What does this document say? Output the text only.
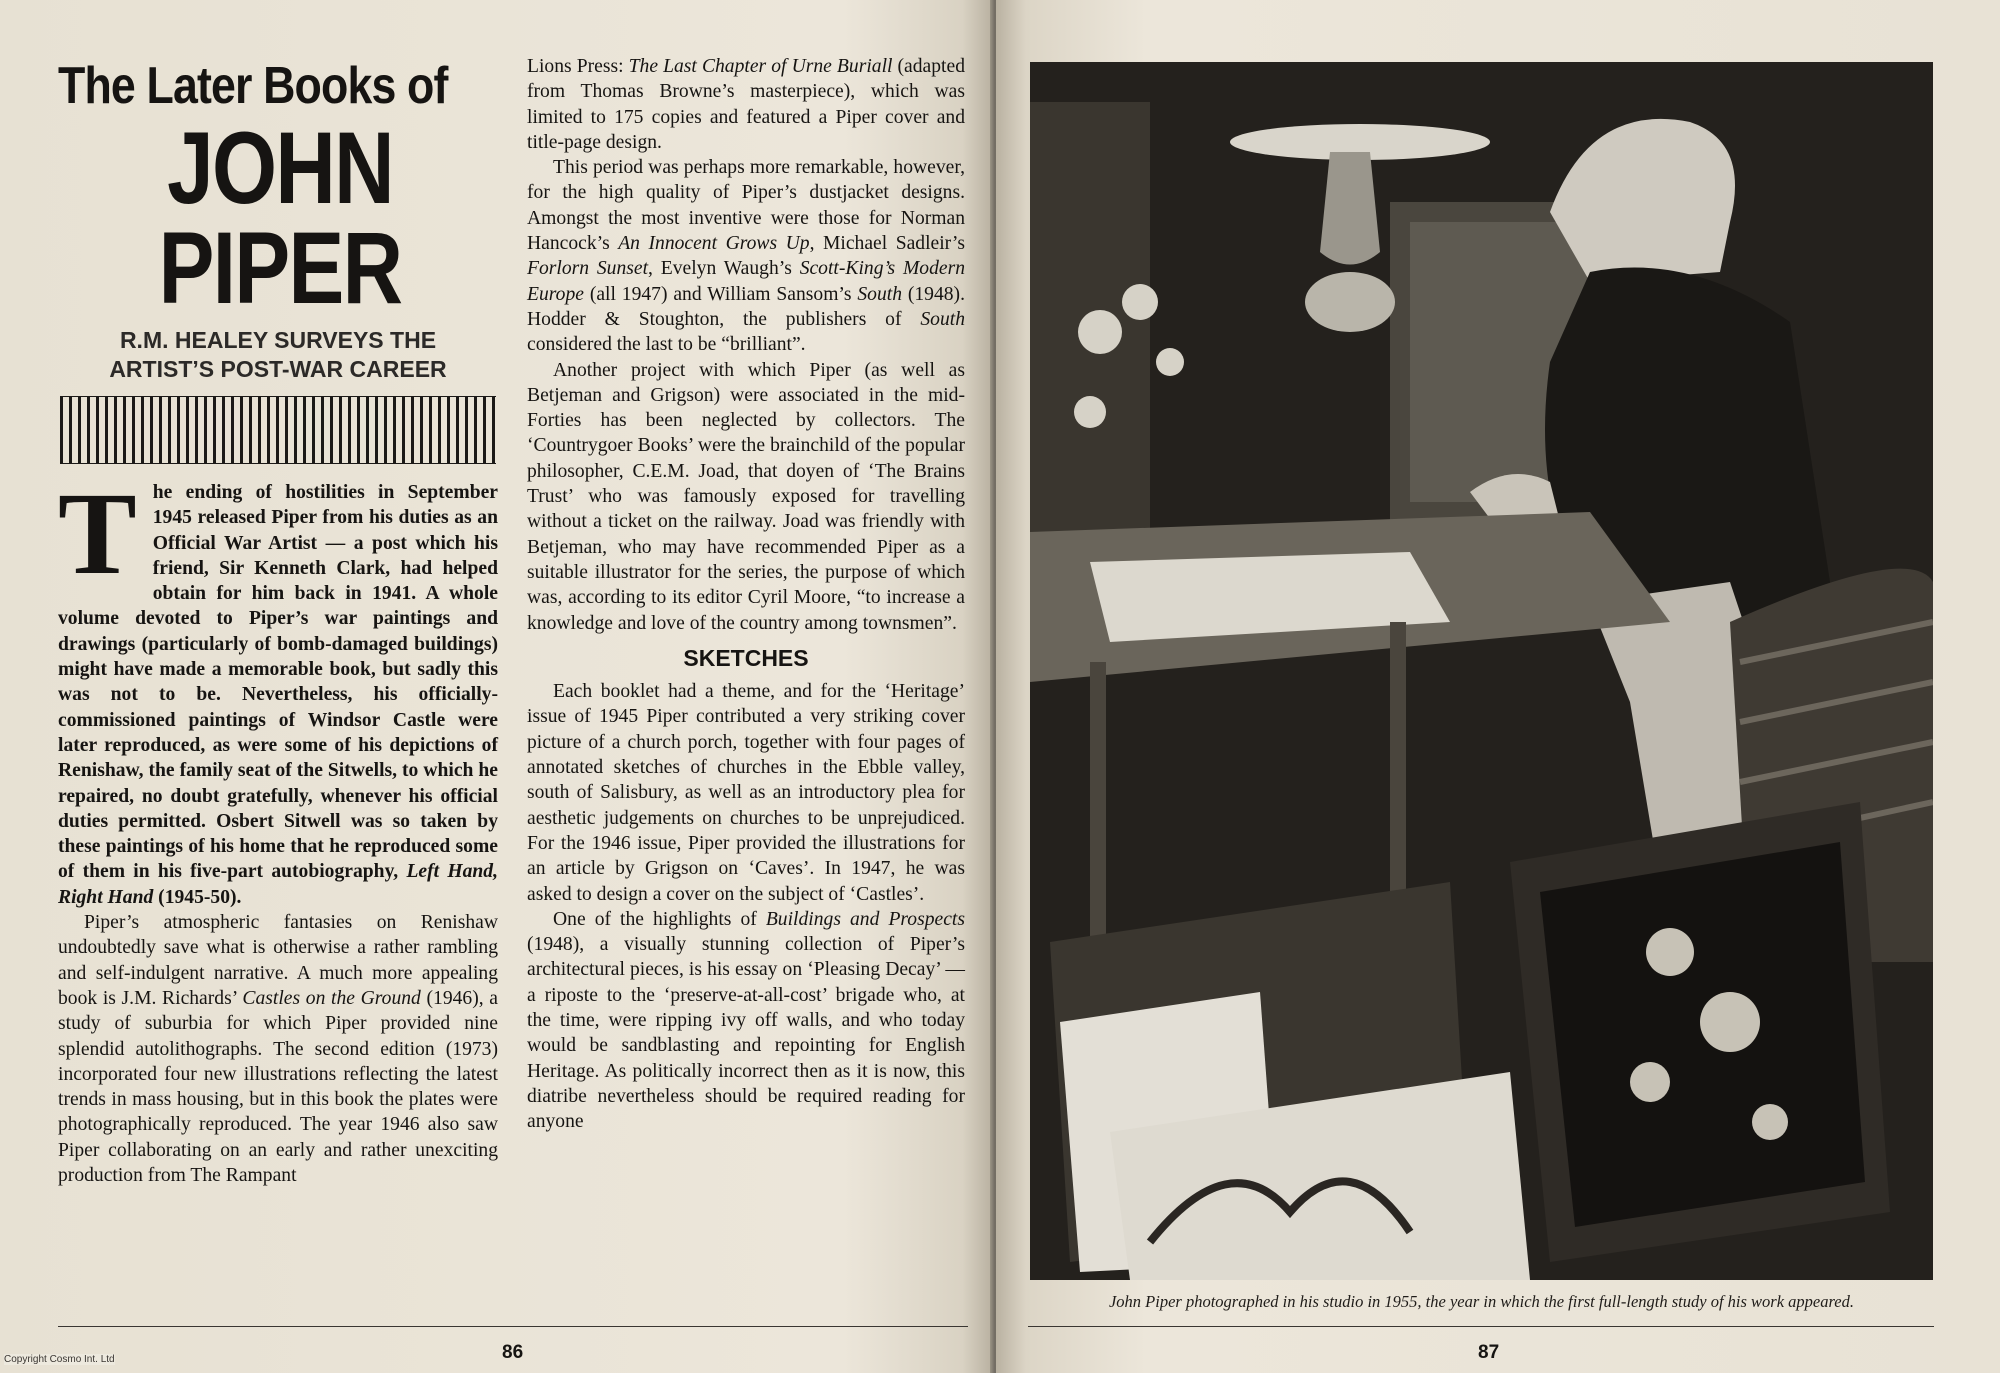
The Later Books of
JOHN
PIPER
R.M. HEALEY SURVEYS THE
ARTIST’S POST-WAR CAREER

The ending of hostilities in September 1945 released Piper from his duties as an Official War Artist — a post which his friend, Sir Kenneth Clark, had helped obtain for him back in 1941. A whole volume devoted to Piper’s war paintings and drawings (particularly of bomb-damaged buildings) might have made a memorable book, but sadly this was not to be. Nevertheless, his officially-commissioned paintings of Windsor Castle were later reproduced, as were some of his depictions of Renishaw, the family seat of the Sitwells, to which he repaired, no doubt gratefully, whenever his official duties permitted. Osbert Sitwell was so taken by these paintings of his home that he reproduced some of them in his five-part autobiography, Left Hand, Right Hand (1945-50).

Piper’s atmospheric fantasies on Renishaw undoubtedly save what is otherwise a rather rambling and self-indulgent narrative. A much more appealing book is J.M. Richards’ Castles on the Ground (1946), a study of suburbia for which Piper provided nine splendid autolithographs. The second edition (1973) incorporated four new illustrations reflecting the latest trends in mass housing, but in this book the plates were photographically reproduced. The year 1946 also saw Piper collaborating on an early and rather unexciting production from The Rampant

86
Copyright Cosmo Int. Ltd

Lions Press: The Last Chapter of Urne Buriall (adapted from Thomas Browne’s masterpiece), which was limited to 175 copies and featured a Piper cover and title-page design.

This period was perhaps more remarkable, however, for the high quality of Piper’s dustjacket designs. Amongst the most inventive were those for Norman Hancock’s An Innocent Grows Up, Michael Sadleir’s Forlorn Sunset, Evelyn Waugh’s Scott-King’s Modern Europe (all 1947) and William Sansom’s South (1948). Hodder & Stoughton, the publishers of South considered the last to be “brilliant”.

Another project with which Piper (as well as Betjeman and Grigson) were associated in the mid-Forties has been neglected by collectors. The ‘Countrygoer Books’ were the brainchild of the popular philosopher, C.E.M. Joad, that doyen of ‘The Brains Trust’ who was famously exposed for travelling without a ticket on the railway. Joad was friendly with Betjeman, who may have recommended Piper as a suitable illustrator for the series, the purpose of which was, according to its editor Cyril Moore, “to increase a knowledge and love of the country among townsmen”.

SKETCHES

Each booklet had a theme, and for the ‘Heritage’ issue of 1945 Piper contributed a very striking cover picture of a church porch, together with four pages of annotated sketches of churches in the Ebble valley, south of Salisbury, as well as an introductory plea for aesthetic judgements on churches to be unprejudiced. For the 1946 issue, Piper provided the illustrations for an article by Grigson on ‘Caves’. In 1947, he was asked to design a cover on the subject of ‘Castles’.

One of the highlights of Buildings and Prospects (1948), a visually stunning collection of Piper’s architectural pieces, is his essay on ‘Pleasing Decay’ — a riposte to the ‘preserve-at-all-cost’ brigade who, at the time, were ripping ivy off walls, and who today would be sandblasting and repointing for English Heritage. As politically incorrect then as it is now, this diatribe nevertheless should be required reading for anyone

John Piper photographed in his studio in 1955, the year in which the first full-length study of his work appeared.
87
